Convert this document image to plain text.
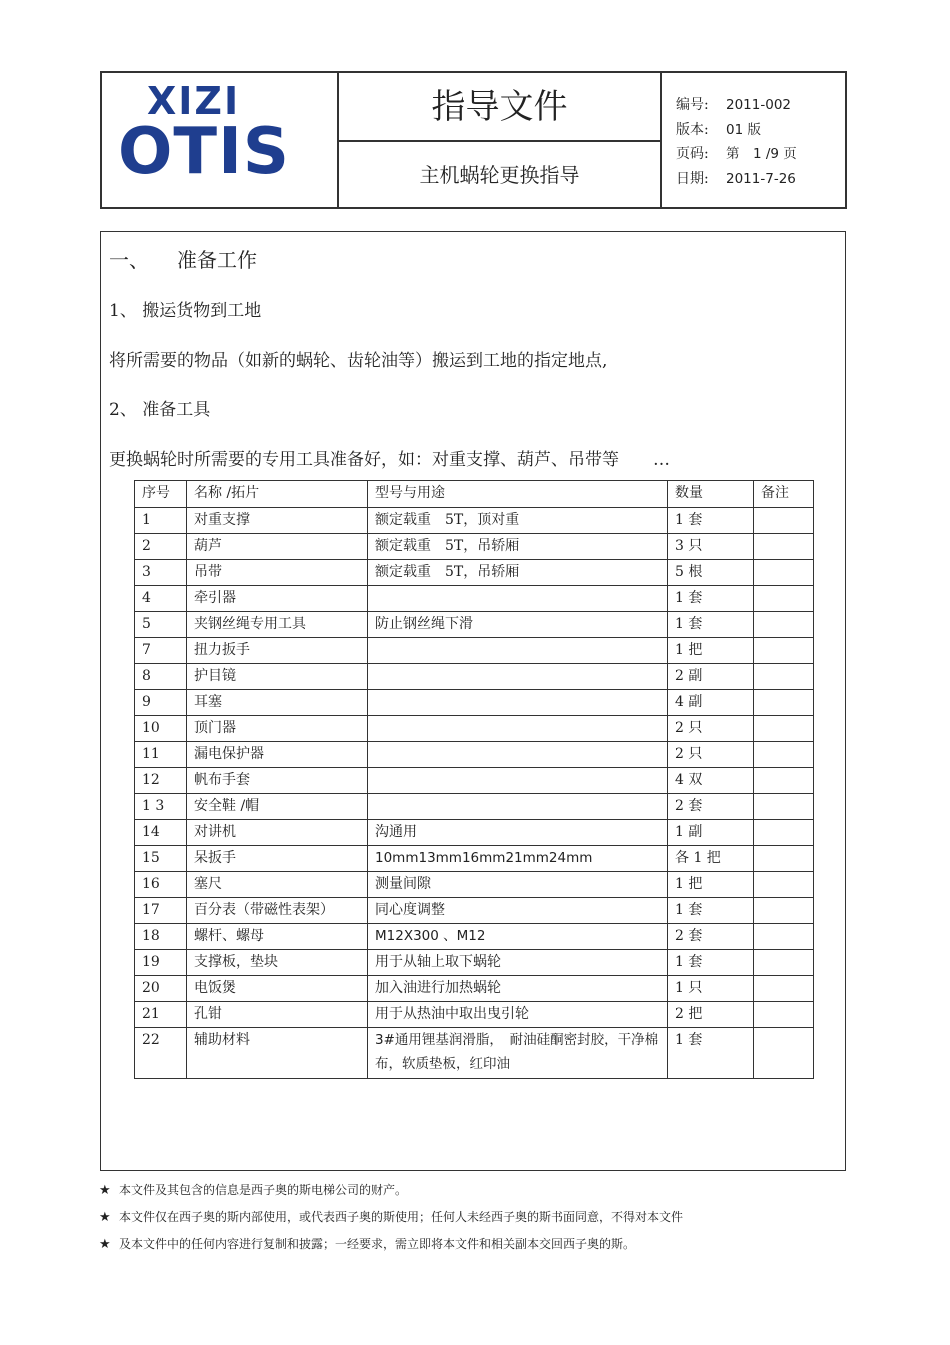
XIZI
OTIS
指导文件
主机蜗轮更换指导
编号: 2011-002
版本: 01 版
页码: 第　1 /9 页
日期: 2011-7-26
一、 准备工作
1、 搬运货物到工地
将所需要的物品（如新的蜗轮、齿轮油等）搬运到工地的指定地点,
2、 准备工具
更换蜗轮时所需要的专用工具准备好，如：对重支撑、葫芦、吊带等　　…
序号	名称 /拓片	型号与用途	数量	备注
1	对重支撑	额定载重　5T，顶对重	1 套	
2	葫芦	额定载重　5T，吊轿厢	3 只	
3	吊带	额定载重　5T，吊轿厢	5 根	
4	牵引器		1 套	
5	夹钢丝绳专用工具	防止钢丝绳下滑	1 套	
7	扭力扳手		1 把	
8	护目镜		2 副	
9	耳塞		4 副	
10	顶门器		2 只	
11	漏电保护器		2 只	
12	帆布手套		4 双	
1 3	安全鞋 /帽		2 套	
14	对讲机	沟通用	1 副	
15	呆扳手	10mm13mm16mm21mm24mm	各 1 把	
16	塞尺	测量间隙	1 把	
17	百分表（带磁性表架）	同心度调整	1 套	
18	螺杆、螺母	M12X300 、M12	2 套	
19	支撑板，垫块	用于从轴上取下蜗轮	1 套	
20	电饭煲	加入油进行加热蜗轮	1 只	
21	孔钳	用于从热油中取出曳引轮	2 把	
22	辅助材料	3#通用锂基润滑脂，　耐油硅酮密封胶，干净棉布，软质垫板，红印油	1 套	
★ 本文件及其包含的信息是西子奥的斯电梯公司的财产。
★ 本文件仅在西子奥的斯内部使用，或代表西子奥的斯使用；任何人未经西子奥的斯书面同意，不得对本文件
★ 及本文件中的任何内容进行复制和披露；一经要求，需立即将本文件和相关副本交回西子奥的斯。
